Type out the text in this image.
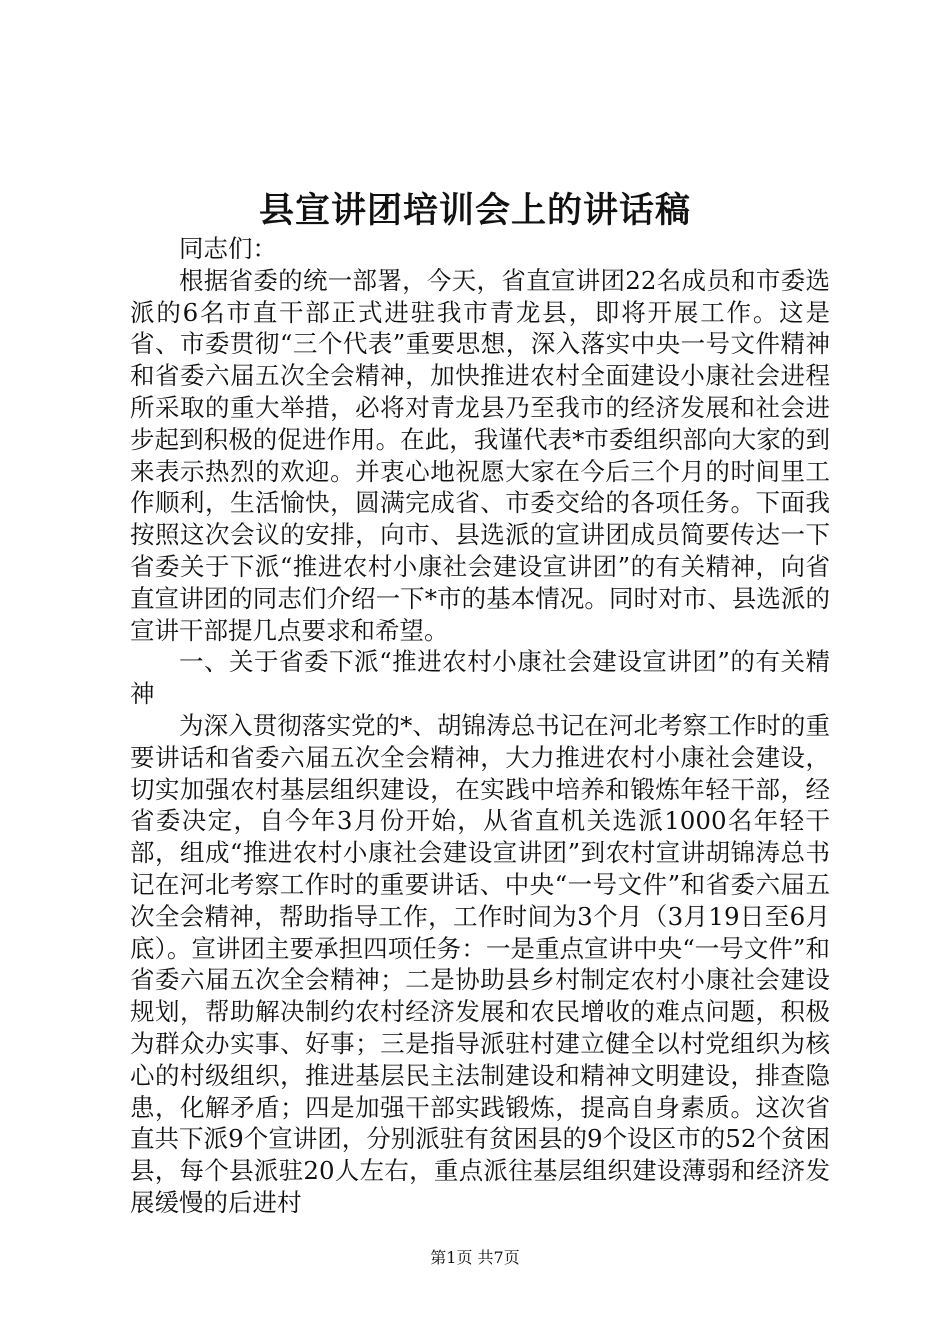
县宣讲团培训会上的讲话稿

同志们：

根据省委的统一部署，今天，省直宣讲团22名成员和市委选派的6名市直干部正式进驻我市青龙县，即将开展工作。这是省、市委贯彻“三个代表”重要思想，深入落实中央一号文件精神和省委六届五次全会精神，加快推进农村全面建设小康社会进程所采取的重大举措，必将对青龙县乃至我市的经济发展和社会进步起到积极的促进作用。在此，我谨代表*市委组织部向大家的到来表示热烈的欢迎。并衷心地祝愿大家在今后三个月的时间里工作顺利，生活愉快，圆满完成省、市委交给的各项任务。下面我按照这次会议的安排，向市、县选派的宣讲团成员简要传达一下省委关于下派“推进农村小康社会建设宣讲团”的有关精神，向省直宣讲团的同志们介绍一下*市的基本情况。同时对市、县选派的宣讲干部提几点要求和希望。

一、关于省委下派“推进农村小康社会建设宣讲团”的有关精神

为深入贯彻落实党的*、胡锦涛总书记在河北考察工作时的重要讲话和省委六届五次全会精神，大力推进农村小康社会建设，切实加强农村基层组织建设，在实践中培养和锻炼年轻干部，经省委决定，自今年3月份开始，从省直机关选派1000名年轻干部，组成“推进农村小康社会建设宣讲团”到农村宣讲胡锦涛总书记在河北考察工作时的重要讲话、中央“一号文件”和省委六届五次全会精神，帮助指导工作，工作时间为3个月（3月19日至6月底）。宣讲团主要承担四项任务：一是重点宣讲中央“一号文件”和省委六届五次全会精神；二是协助县乡村制定农村小康社会建设规划，帮助解决制约农村经济发展和农民增收的难点问题，积极为群众办实事、好事；三是指导派驻村建立健全以村党组织为核心的村级组织，推进基层民主法制建设和精神文明建设，排查隐患，化解矛盾；四是加强干部实践锻炼，提高自身素质。这次省直共下派9个宣讲团，分别派驻有贫困县的9个设区市的52个贫困县，每个县派驻20人左右，重点派往基层组织建设薄弱和经济发展缓慢的后进村

第1页 共7页
